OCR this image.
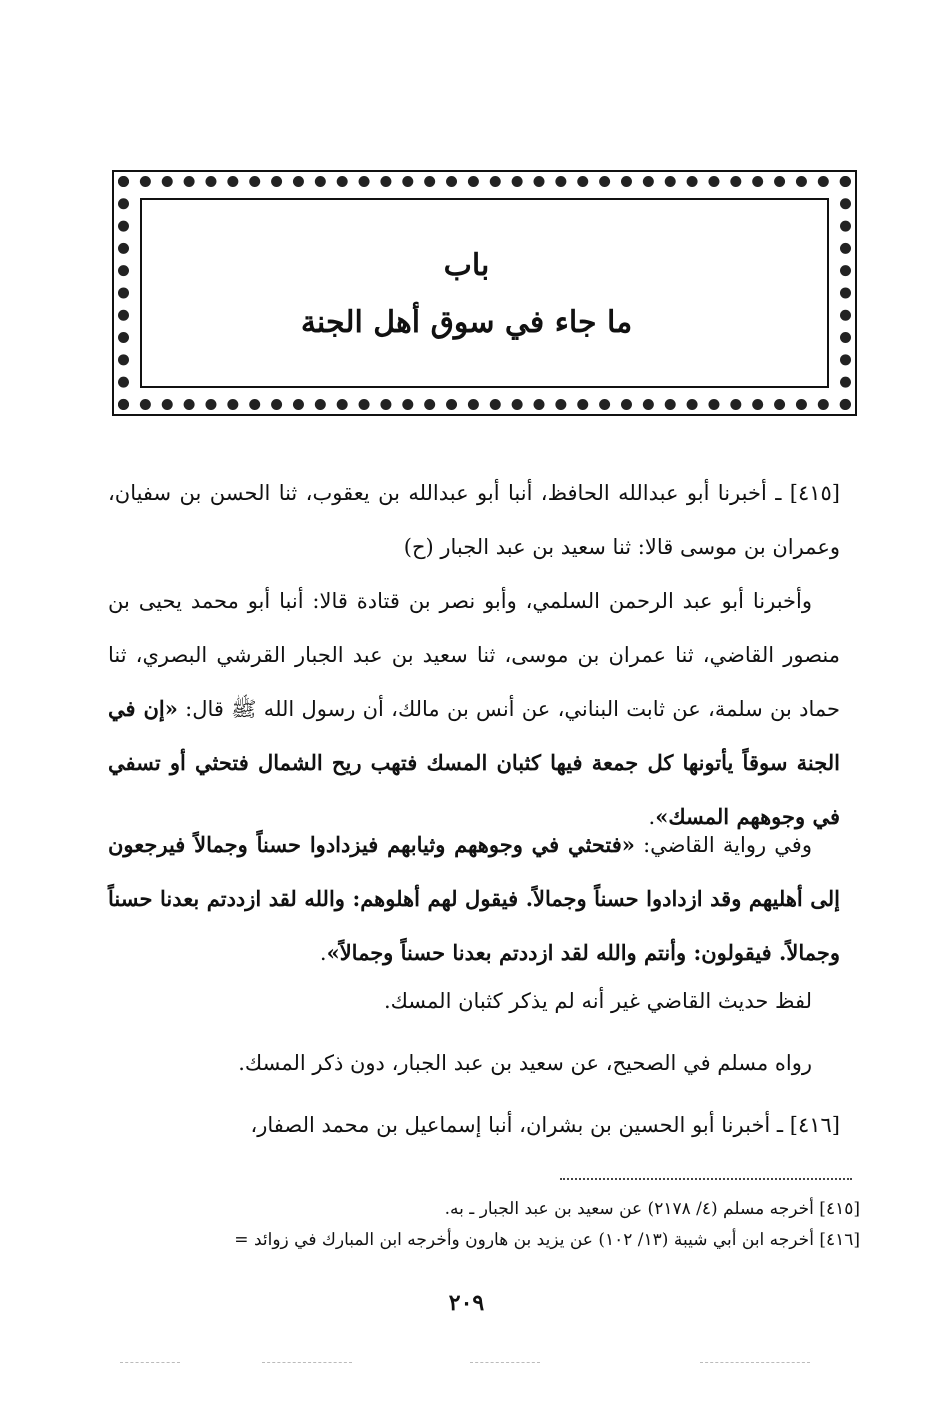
باب
ما جاء في سوق أهل الجنة
[٤١٥] ـ أخبرنا أبو عبدالله الحافظ، أنبا أبو عبدالله بن يعقوب، ثنا الحسن بن سفيان، وعمران بن موسى قالا: ثنا سعيد بن عبد الجبار (ح)
وأخبرنا أبو عبد الرحمن السلمي، وأبو نصر بن قتادة قالا: أنبا أبو محمد يحيى بن منصور القاضي، ثنا عمران بن موسى، ثنا سعيد بن عبد الجبار القرشي البصري، ثنا حماد بن سلمة، عن ثابت البناني، عن أنس بن مالك، أن رسول الله ﷺ قال: «إن في الجنة سوقاً يأتونها كل جمعة فيها كثبان المسك فتهب ريح الشمال فتحثي أو تسفي في وجوههم المسك».
وفي رواية القاضي: «فتحثي في وجوههم وثيابهم فيزدادوا حسناً وجمالاً فيرجعون إلى أهليهم وقد ازدادوا حسناً وجمالاً. فيقول لهم أهلوهم: والله لقد ازددتم بعدنا حسناً وجمالاً. فيقولون: وأنتم والله لقد ازددتم بعدنا حسناً وجمالاً».
لفظ حديث القاضي غير أنه لم يذكر كثبان المسك.
رواه مسلم في الصحيح، عن سعيد بن عبد الجبار، دون ذكر المسك.
[٤١٦] ـ أخبرنا أبو الحسين بن بشران، أنبا إسماعيل بن محمد الصفار،
[٤١٥] أخرجه مسلم (٤/ ٢١٧٨) عن سعيد بن عبد الجبار ـ به.
[٤١٦] أخرجه ابن أبي شيبة (١٣/ ١٠٢) عن يزيد بن هارون وأخرجه ابن المبارك في زوائد =
٢٠٩
